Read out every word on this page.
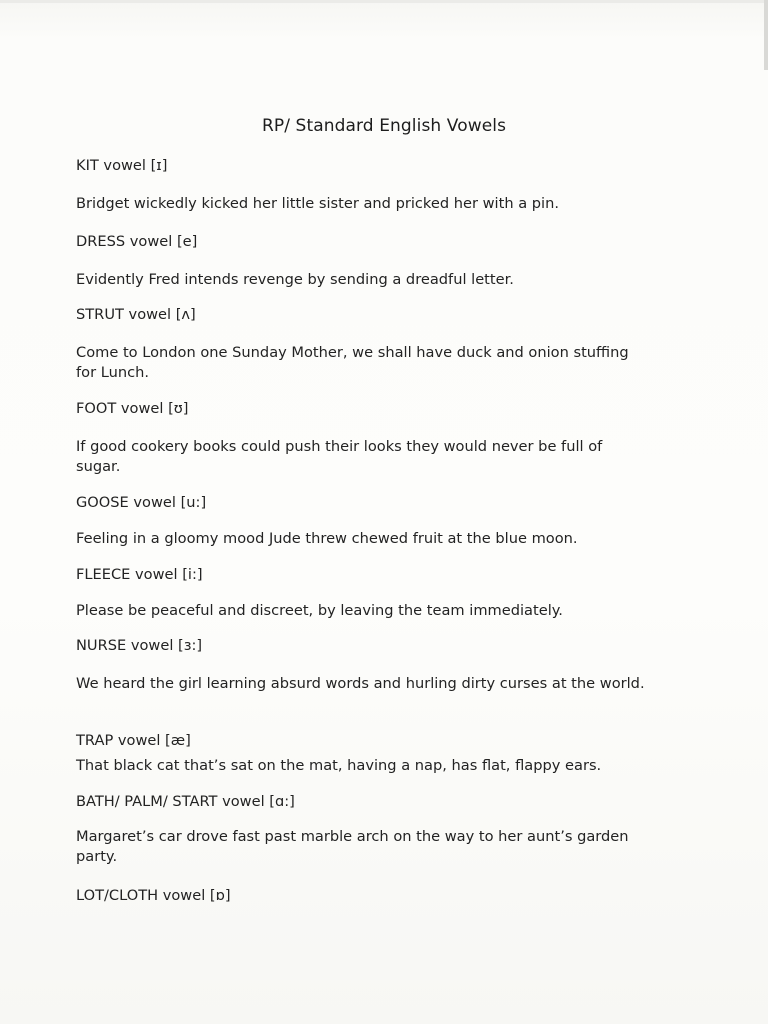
RP/ Standard English Vowels
KIT vowel [ɪ]
Bridget wickedly kicked her little sister and pricked her with a pin.
DRESS vowel [e]
Evidently Fred intends revenge by sending a dreadful letter.
STRUT vowel [ʌ]
Come to London one Sunday Mother, we shall have duck and onion stuffing for Lunch.
FOOT vowel [ʊ]
If good cookery books could push their looks they would never be full of sugar.
GOOSE vowel [u:]
Feeling in a gloomy mood Jude threw chewed fruit at the blue moon.
FLEECE vowel [i:]
Please be peaceful and discreet, by leaving the team immediately.
NURSE vowel [ɜ:]
We heard the girl learning absurd words and hurling dirty curses at the world.
TRAP vowel [æ]
That black cat that’s sat on the mat, having a nap, has flat, flappy ears.
BATH/ PALM/ START vowel [ɑ:]
Margaret’s car drove fast past marble arch on the way to her aunt’s garden party.
LOT/CLOTH vowel [ɒ]
